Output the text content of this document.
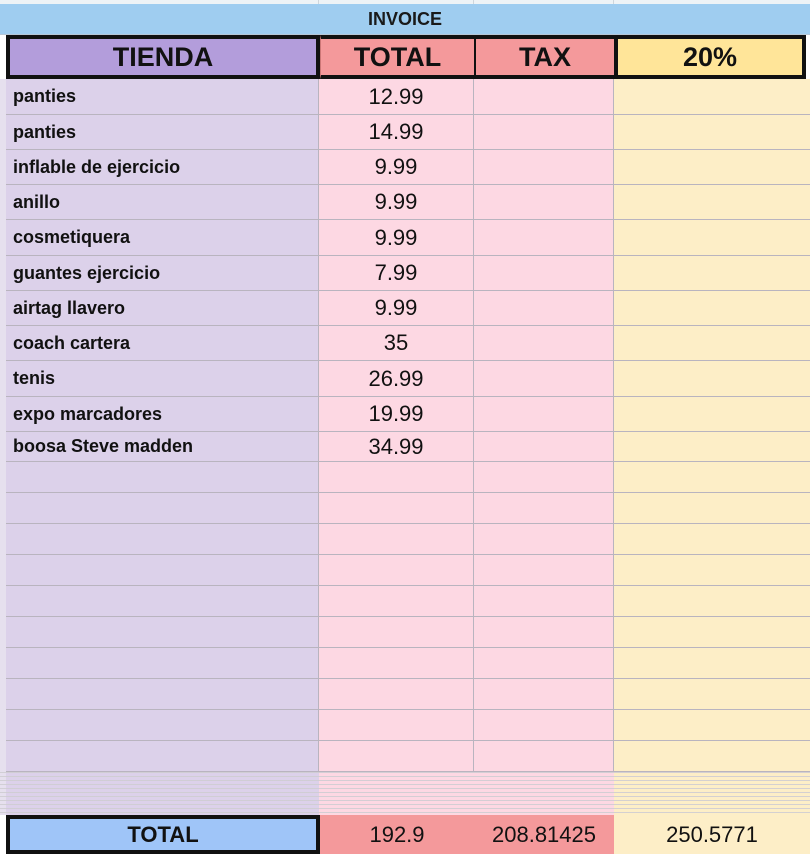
INVOICE
TIENDA	TOTAL	TAX	20%
panties	12.99
panties	14.99
inflable de ejercicio	9.99
anillo	9.99
cosmetiquera	9.99
guantes ejercicio	7.99
airtag llavero	9.99
coach cartera	35
tenis	26.99
expo marcadores	19.99
boosa Steve madden	34.99
TOTAL	192.9	208.81425	250.5771
